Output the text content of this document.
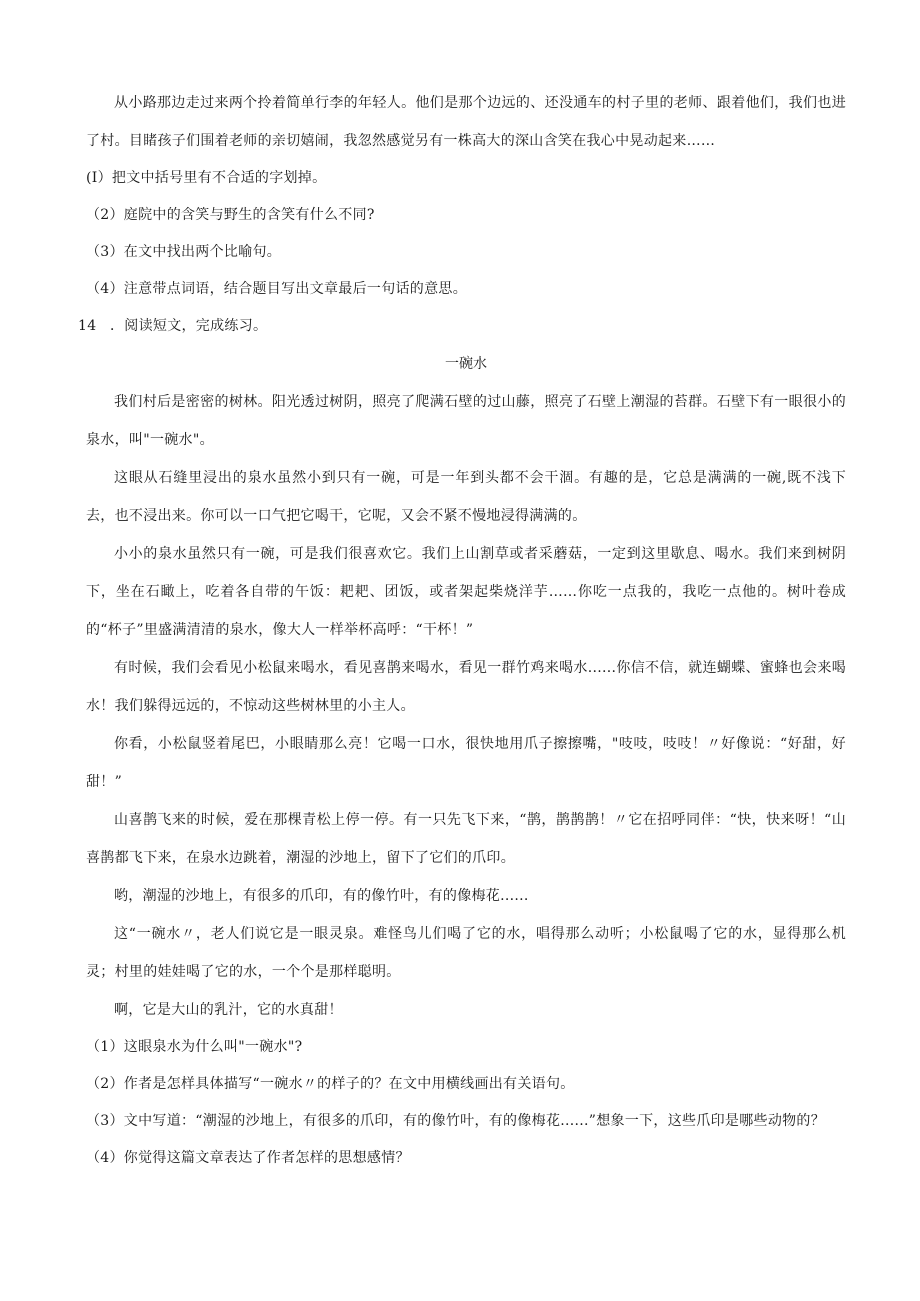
从小路那边走过来两个拎着简单行李的年轻人。他们是那个边远的、还没通车的村子里的老师、跟着他们，我们也进了村。目睹孩子们围着老师的亲切嬉闹，我忽然感觉另有一株高大的深山含笑在我心中晃动起来……

(I）把文中括号里有不合适的字划掉。

（2）庭院中的含笑与野生的含笑有什么不同?

（3）在文中找出两个比喻句。

（4）注意带点词语，结合题目写出文章最后一句话的意思。

14 ．阅读短文，完成练习。

一碗水

我们村后是密密的树林。阳光透过树阴，照亮了爬满石壁的过山藤，照亮了石壁上潮湿的苔群。石壁下有一眼很小的泉水，叫"一碗水"。

这眼从石缝里浸出的泉水虽然小到只有一碗，可是一年到头都不会干涸。有趣的是，它总是满满的一碗,既不浅下去，也不浸出来。你可以一口气把它喝干，它呢，又会不紧不慢地浸得满满的。

小小的泉水虽然只有一碗，可是我们很喜欢它。我们上山割草或者采蘑菇，一定到这里歇息、喝水。我们来到树阴下，坐在石瞰上，吃着各自带的午饭：耙耙、团饭，或者架起柴烧洋芋……你吃一点我的，我吃一点他的。树叶卷成的“杯子”里盛满清清的泉水，像大人一样举杯高呼：“干杯！”

有时候，我们会看见小松鼠来喝水，看见喜鹊来喝水，看见一群竹鸡来喝水......你信不信，就连蝴蝶、蜜蜂也会来喝水！我们躲得远远的，不惊动这些树林里的小主人。

你看，小松鼠竖着尾巴，小眼睛那么亮！它喝一口水，很快地用爪子擦擦嘴，"吱吱，吱吱！〃好像说：“好甜，好甜！”

山喜鹊飞来的时候，爱在那棵青松上停一停。有一只先飞下来，“鹊，鹊鹊鹊！〃它在招呼同伴：“快，快来呀！“山喜鹊都飞下来，在泉水边跳着，潮湿的沙地上，留下了它们的爪印。

哟，潮湿的沙地上，有很多的爪印，有的像竹叶，有的像梅花......

这“一碗水〃，老人们说它是一眼灵泉。难怪鸟儿们喝了它的水，唱得那么动听；小松鼠喝了它的水，显得那么机灵；村里的娃娃喝了它的水，一个个是那样聪明。

啊，它是大山的乳汁，它的水真甜！

（1）这眼泉水为什么叫"一碗水"?

（2）作者是怎样具体描写“一碗水〃的样子的？在文中用横线画出有关语句。

（3）文中写道：“潮湿的沙地上，有很多的爪印，有的像竹叶，有的像梅花......”想象一下，这些爪印是哪些动物的？

（4）你觉得这篇文章表达了作者怎样的思想感情？
